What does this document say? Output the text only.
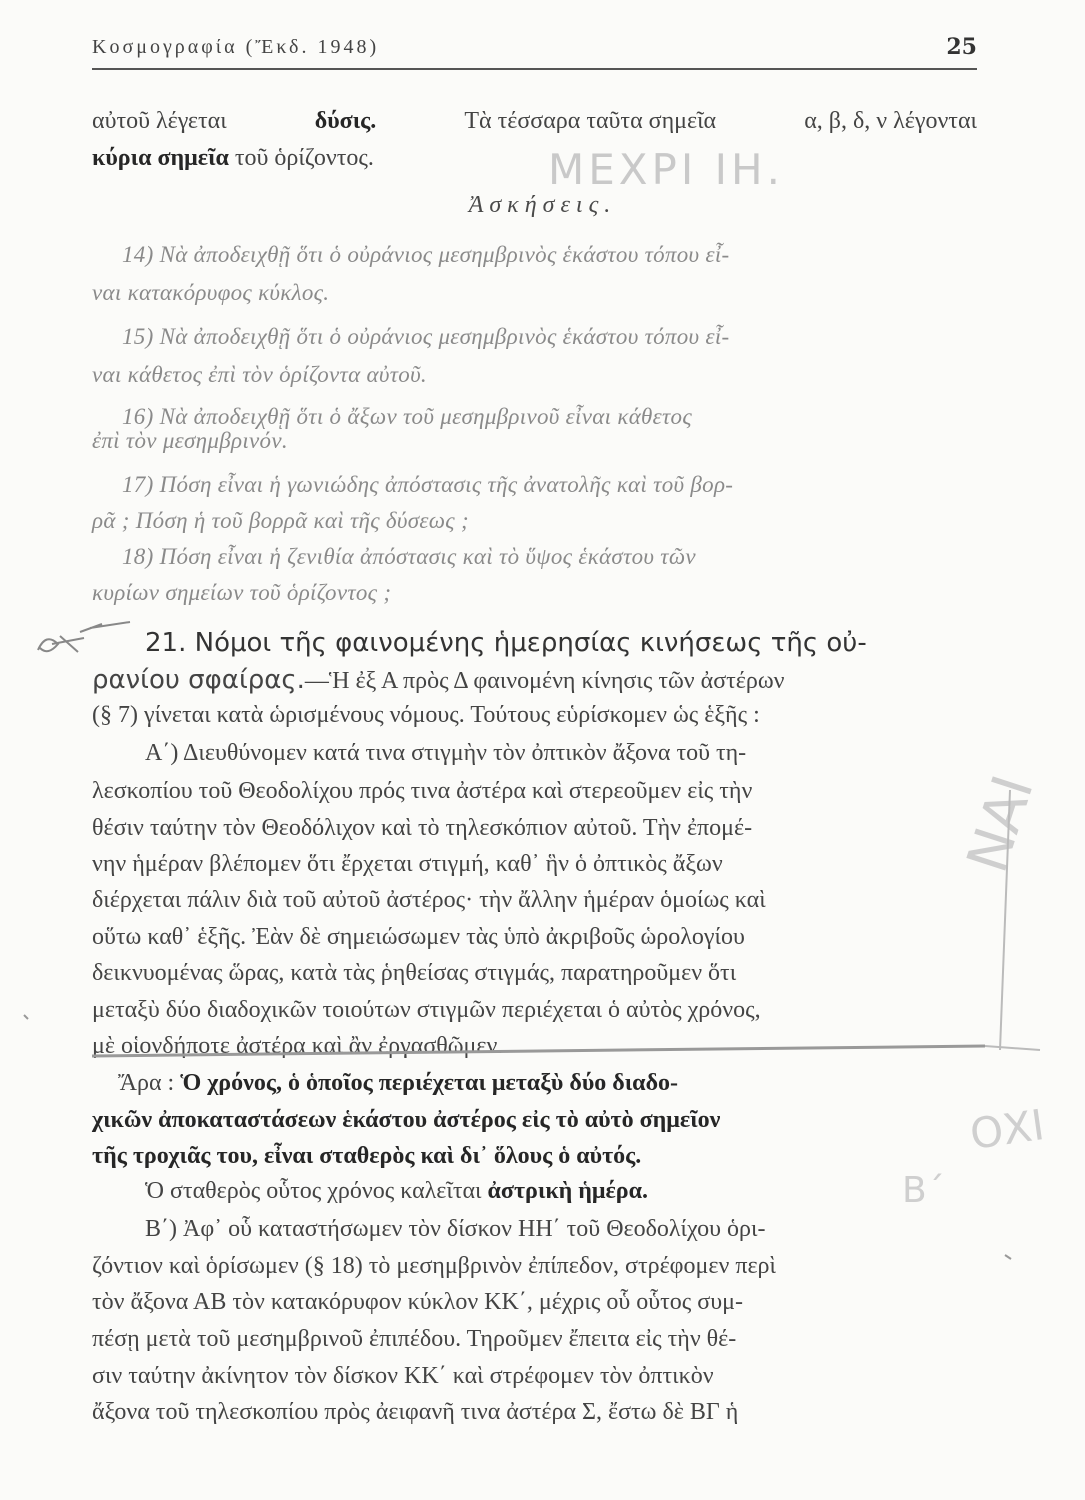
Κοσμογραφία (Ἔκδ. 1948)	25
αὐτοῦ λέγεται	δύσις.	Τὰ τέσσαρα ταῦτα σημεῖα	α, β, δ, ν λέγονται
κύρια σημεῖα τοῦ ὁρίζοντος.
Ἀσκήσεις.
14) Νὰ ἀποδειχθῇ ὅτι ὁ οὐράνιος μεσημβρινὸς ἑκάστου τόπου εἶ-
ναι κατακόρυφος κύκλος.
15) Νὰ ἀποδειχθῇ ὅτι ὁ οὐράνιος μεσημβρινὸς ἑκάστου τόπου εἶ-
ναι κάθετος ἐπὶ τὸν ὁρίζοντα αὐτοῦ.
16) Νὰ ἀποδειχθῇ ὅτι ὁ ἄξων τοῦ μεσημβρινοῦ εἶναι κάθετος
ἐπὶ τὸν μεσημβρινόν.
17) Πόση εἶναι ἡ γωνιώδης ἀπόστασις τῆς ἀνατολῆς καὶ τοῦ βορ-
ρᾶ ; Πόση ἡ τοῦ βορρᾶ καὶ τῆς δύσεως ;
18) Πόση εἶναι ἡ ζενιθία ἀπόστασις καὶ τὸ ὕψος ἑκάστου τῶν
κυρίων σημείων τοῦ ὁρίζοντος ;
21. Νόμοι τῆς φαινομένης ἡμερησίας κινήσεως τῆς οὐ-
ρανίου σφαίρας.—Ἡ ἐξ Α πρὸς Δ φαινομένη κίνησις τῶν ἀστέρων
(§ 7) γίνεται κατὰ ὡρισμένους νόμους. Τούτους εὑρίσκομεν ὡς ἑξῆς :
Α΄) Διευθύνομεν κατά τινα στιγμὴν τὸν ὀπτικὸν ἄξονα τοῦ τη-
λεσκοπίου τοῦ Θεοδολίχου πρός τινα ἀστέρα καὶ στερεοῦμεν εἰς τὴν
θέσιν ταύτην τὸν Θεοδόλιχον καὶ τὸ τηλεσκόπιον αὐτοῦ. Τὴν ἐπομέ-
νην ἡμέραν βλέπομεν ὅτι ἔρχεται στιγμή, καθ᾿ ἣν ὁ ὀπτικὸς ἄξων
διέρχεται πάλιν διὰ τοῦ αὐτοῦ ἀστέρος· τὴν ἄλλην ἡμέραν ὁμοίως καὶ
οὕτω καθ᾿ ἑξῆς. Ἐὰν δὲ σημειώσωμεν τὰς ὑπὸ ἀκριβοῦς ὡρολογίου
δεικνυομένας ὥρας, κατὰ τὰς ῥηθείσας στιγμάς, παρατηροῦμεν ὅτι
μεταξὺ δύο διαδοχικῶν τοιούτων στιγμῶν περιέχεται ὁ αὐτὸς χρόνος,
μὲ οἱονδήποτε ἀστέρα καὶ ἂν ἐργασθῶμεν.
Ἄρα : Ὁ χρόνος, ὁ ὁποῖος περιέχεται μεταξὺ δύο διαδο-
χικῶν ἀποκαταστάσεων ἑκάστου ἀστέρος εἰς τὸ αὐτὸ σημεῖον
τῆς τροχιᾶς του, εἶναι σταθερὸς καὶ δι᾿ ὅλους ὁ αὐτός.
Ὁ σταθερὸς οὗτος χρόνος καλεῖται ἀστρικὴ ἡμέρα.
Β΄) Ἀφ᾿ οὗ καταστήσωμεν τὸν δίσκον ΗΗ΄ τοῦ Θεοδολίχου ὁρι-
ζόντιον καὶ ὁρίσωμεν (§ 18) τὸ μεσημβρινὸν ἐπίπεδον, στρέφομεν περὶ
τὸν ἄξονα ΑΒ τὸν κατακόρυφον κύκλον ΚΚ΄, μέχρις οὗ οὗτος συμ-
πέσῃ μετὰ τοῦ μεσημβρινοῦ ἐπιπέδου. Τηροῦμεν ἔπειτα εἰς τὴν θέ-
σιν ταύτην ἀκίνητον τὸν δίσκον ΚΚ΄ καὶ στρέφομεν τὸν ὀπτικὸν
ἄξονα τοῦ τηλεσκοπίου πρὸς ἀειφανῆ τινα ἀστέρα Σ, ἔστω δὲ ΒΓ ἡ
ΜΕΧΡΙ ΙΗ.
ΝΑΙ
ΟΧΙ
Β΄
